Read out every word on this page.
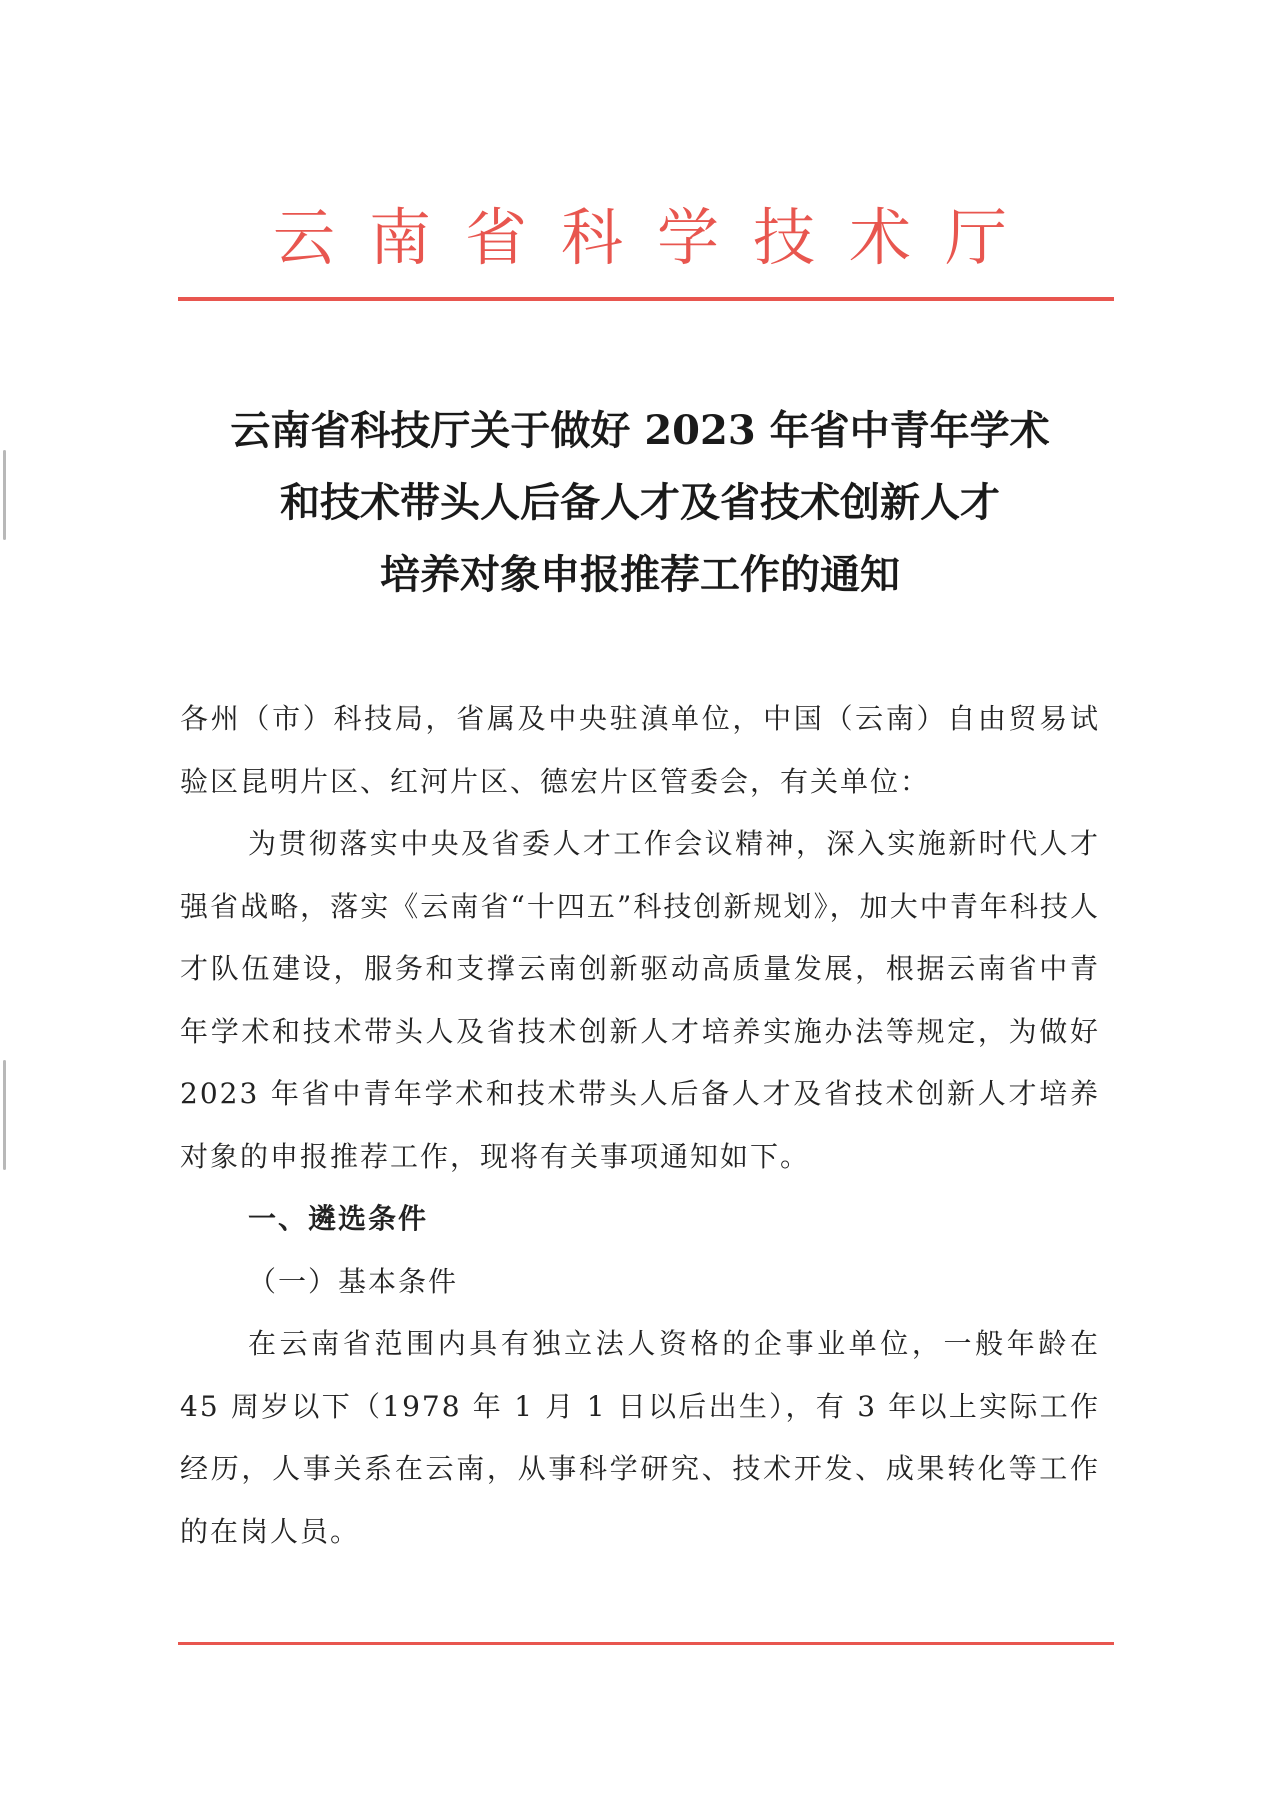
云南省科学技术厅
云南省科技厅关于做好 2023 年省中青年学术
和技术带头人后备人才及省技术创新人才
培养对象申报推荐工作的通知

各州（市）科技局，省属及中央驻滇单位，中国（云南）自由贸易试验区昆明片区、红河片区、德宏片区管委会，有关单位：

为贯彻落实中央及省委人才工作会议精神，深入实施新时代人才强省战略，落实《云南省“十四五”科技创新规划》，加大中青年科技人才队伍建设，服务和支撑云南创新驱动高质量发展，根据云南省中青年学术和技术带头人及省技术创新人才培养实施办法等规定，为做好 2023 年省中青年学术和技术带头人后备人才及省技术创新人才培养对象的申报推荐工作，现将有关事项通知如下。

一、遴选条件

（一）基本条件

在云南省范围内具有独立法人资格的企事业单位，一般年龄在 45 周岁以下（1978 年 1 月 1 日以后出生），有 3 年以上实际工作经历，人事关系在云南，从事科学研究、技术开发、成果转化等工作的在岗人员。
